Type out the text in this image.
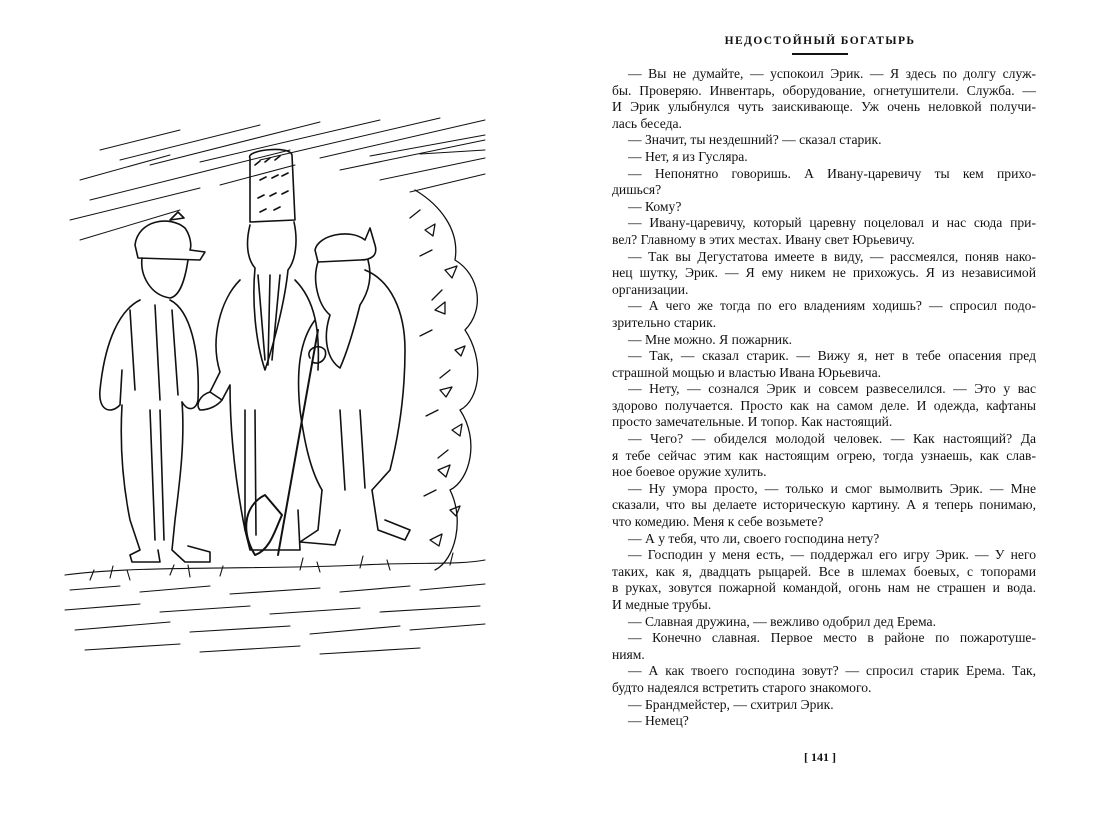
НЕДОСТОЙНЫЙ БОГАТЫРЬ
— Вы не думайте, — успокоил Эрик. — Я здесь по долгу служ-
бы. Проверяю. Инвентарь, оборудование, огнетушители. Служба. —
И Эрик улыбнулся чуть заискивающе. Уж очень неловкой получи-
лась беседа.
— Значит, ты нездешний? — сказал старик.
— Нет, я из Гусляра.
— Непонятно говоришь. А Ивану-царевичу ты кем прихо-
дишься?
— Кому?
— Ивану-царевичу, который царевну поцеловал и нас сюда при-
вел? Главному в этих местах. Ивану свет Юрьевичу.
— Так вы Дегустатова имеете в виду, — рассмеялся, поняв нако-
нец шутку, Эрик. — Я ему никем не прихожусь. Я из независимой
организации.
— А чего же тогда по его владениям ходишь? — спросил подо-
зрительно старик.
— Мне можно. Я пожарник.
— Так, — сказал старик. — Вижу я, нет в тебе опасения пред
страшной мощью и властью Ивана Юрьевича.
— Нету, — сознался Эрик и совсем развеселился. — Это у вас
здорово получается. Просто как на самом деле. И одежда, кафтаны
просто замечательные. И топор. Как настоящий.
— Чего? — обиделся молодой человек. — Как настоящий? Да
я тебе сейчас этим как настоящим огрею, тогда узнаешь, как слав-
ное боевое оружие хулить.
— Ну умора просто, — только и смог вымолвить Эрик. — Мне
сказали, что вы делаете историческую картину. А я теперь понимаю,
что комедию. Меня к себе возьмете?
— А у тебя, что ли, своего господина нету?
— Господин у меня есть, — поддержал его игру Эрик. — У него
таких, как я, двадцать рыцарей. Все в шлемах боевых, с топорами
в руках, зовутся пожарной командой, огонь нам не страшен и вода.
И медные трубы.
— Славная дружина, — вежливо одобрил дед Ерема.
— Конечно славная. Первое место в районе по пожаротуше-
ниям.
— А как твоего господина зовут? — спросил старик Ерема. Так,
будто надеялся встретить старого знакомого.
— Брандмейстер, — схитрил Эрик.
— Немец?
[ 141 ]
